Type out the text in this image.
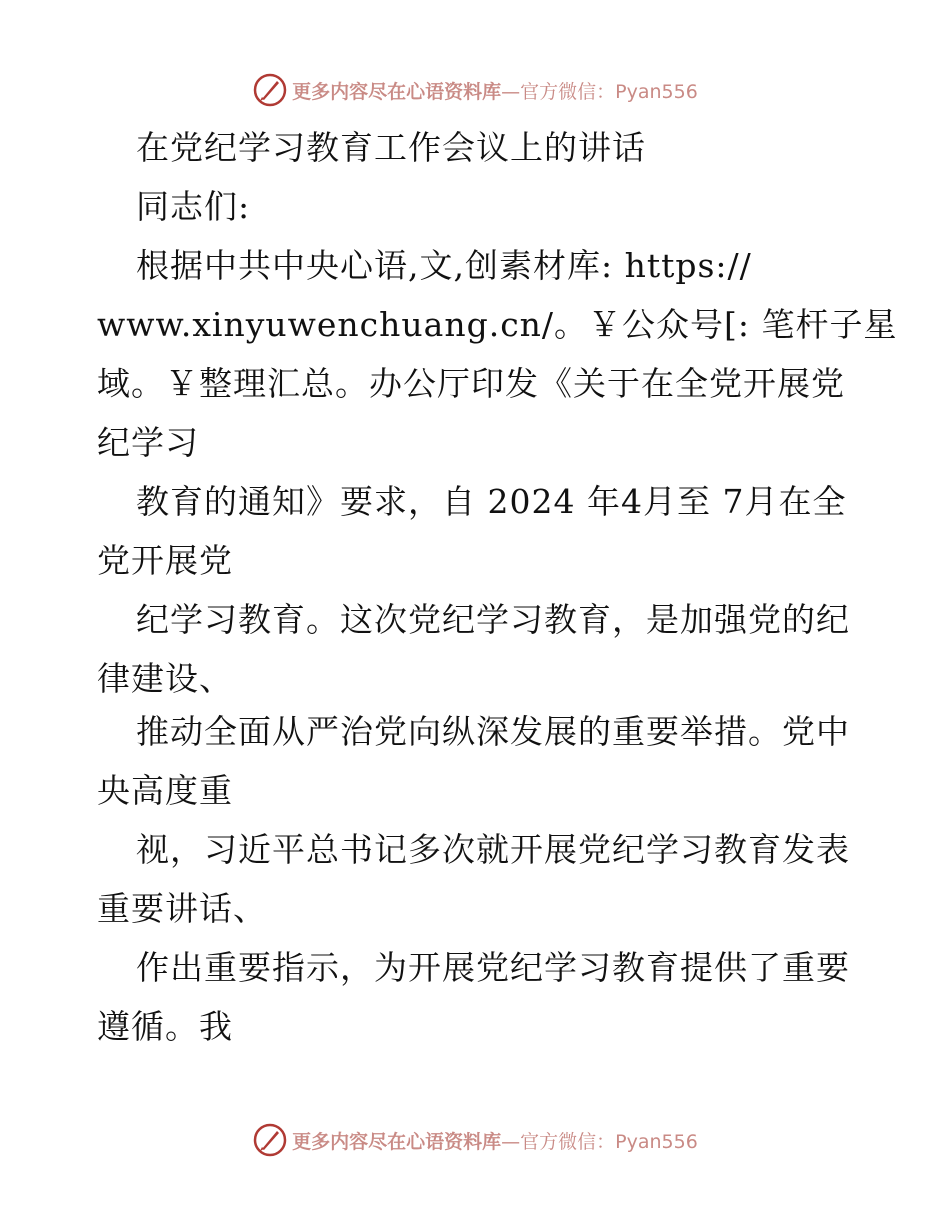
更多内容尽在心语资料库—官方微信：Pyan556
在党纪学习教育工作会议上的讲话
同志们:
根据中共中央心语,文,创素材库: https://
www.xinyuwenchuang.cn/。￥公众号[: 笔杆子星
域。￥整理汇总。办公厅印发《关于在全党开展党
纪学习
教育的通知》要求，自 2024 年4月至 7月在全
党开展党
纪学习教育。这次党纪学习教育，是加强党的纪
律建设、
推动全面从严治党向纵深发展的重要举措。党中
央高度重
视，习近平总书记多次就开展党纪学习教育发表
重要讲话、
作出重要指示，为开展党纪学习教育提供了重要
遵循。我
更多内容尽在心语资料库—官方微信：Pyan556
